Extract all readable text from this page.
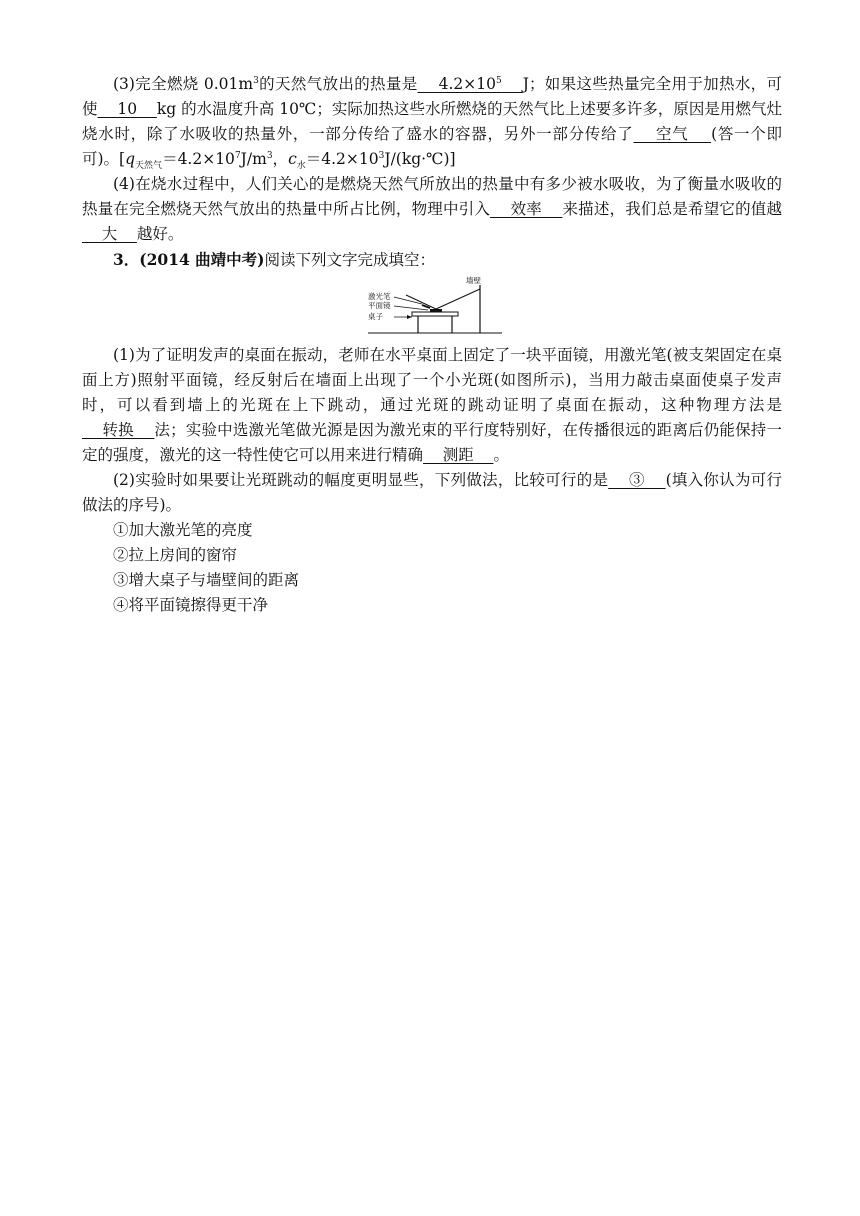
(3)完全燃烧 $0.01m^3$的天然气放出的热量是    $4.2\times 10^5$ J；如果这些热量完全用于加热水，可使    10    kg 的水温度升高 10℃；实际加热这些水所燃烧的天然气比上述要多许多，原因是用燃气灶烧水时，除了水吸收的热量外，一部分传给了盛水的容器，另外一部分传给了    空气    (答一个即可)。[$q_{天然气}=4.2\times 10^7J/m^3$，$c_水=4.2\times 10^3J/(kg\cdot℃)$]

(4)在烧水过程中，人们关心的是燃烧天然气所放出的热量中有多少被水吸收，为了衡量水吸收的热量在完全燃烧天然气放出的热量中所占比例，物理中引入    效率    来描述，我们总是希望它的值越    大    越好。

3．(2014 曲靖中考)阅读下列文字完成填空：

墙壁
激光笔
平面镜
桌子

(1)为了证明发声的桌面在振动，老师在水平桌面上固定了一块平面镜，用激光笔(被支架固定在桌面上方)照射平面镜，经反射后在墙面上出现了一个小光斑(如图所示)，当用力敲击桌面使桌子发声时，可以看到墙上的光斑在上下跳动，通过光斑的跳动证明了桌面在振动，这种物理方法是    转换    法；实验中选激光笔做光源是因为激光束的平行度特别好，在传播很远的距离后仍能保持一定的强度，激光的这一特性使它可以用来进行精确    测距    。

(2)实验时如果要让光斑跳动的幅度更明显些，下列做法，比较可行的是    ③    (填入你认为可行做法的序号)。

①加大激光笔的亮度

②拉上房间的窗帘

③增大桌子与墙壁间的距离

④将平面镜擦得更干净
